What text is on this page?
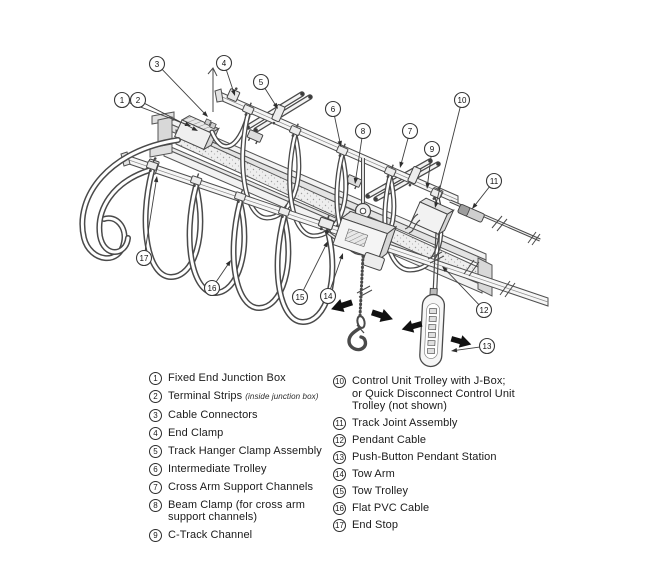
1 2
3	4
5
6
7
8
9
10
11
12
13
14
15
16
17
1 Fixed End Junction Box
2 Terminal Strips (inside junction box)
3 Cable Connectors
4 End Clamp
5 Track Hanger Clamp Assembly
6 Intermediate Trolley
7 Cross Arm Support Channels
8 Beam Clamp (for cross arm
support channels)
9 C-Track Channel
10 Control Unit Trolley with J-Box;
or Quick Disconnect Control Unit
Trolley (not shown)
11 Track Joint Assembly
12 Pendant Cable
13 Push-Button Pendant Station
14 Tow Arm
15 Tow Trolley
16 Flat PVC Cable
17 End Stop
